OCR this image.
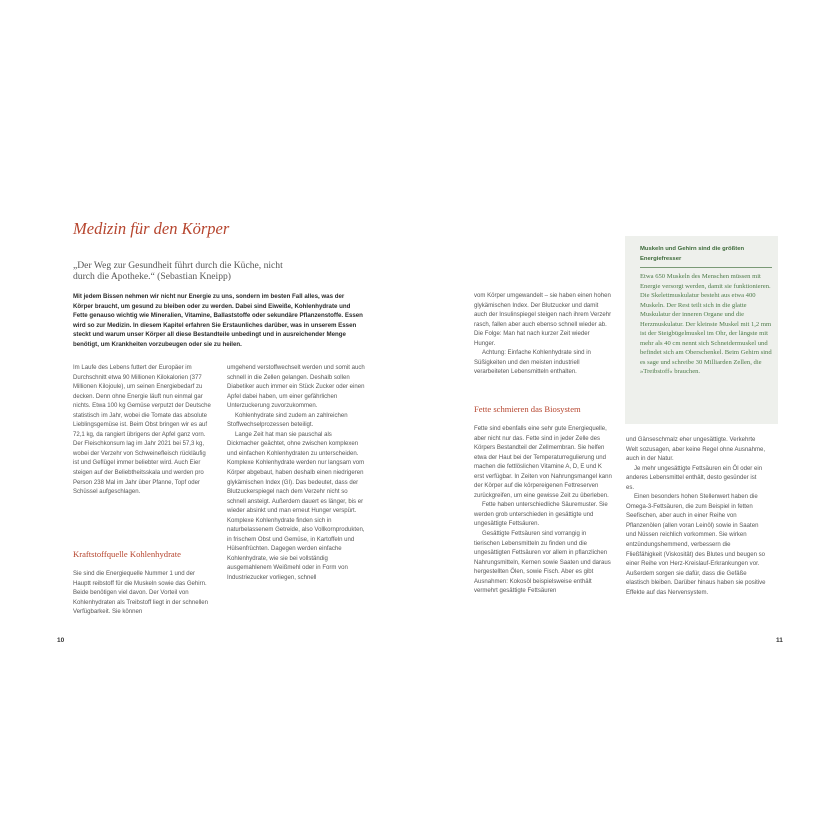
Medizin für den Körper
„Der Weg zur Gesundheit führt durch die Küche, nicht durch die Apotheke.“ (Sebastian Kneipp)
Mit jedem Bissen nehmen wir nicht nur Energie zu uns, sondern im besten Fall alles, was der Körper braucht, um gesund zu bleiben oder zu werden. Dabei sind Eiweiße, Kohlenhydrate und Fette genauso wichtig wie Mineralien, Vitamine, Ballaststoffe oder sekundäre Pflanzenstoffe. Essen wird so zur Medizin. In diesem Kapitel erfahren Sie Erstaunliches darüber, was in unserem Essen steckt und warum unser Körper all diese Bestandteile unbedingt und in ausreichender Menge benötigt, um Krankheiten vorzubeugen oder sie zu heilen.

Im Laufe des Lebens futtert der Europäer im Durchschnitt etwa 90 Millionen Kilokalorien (377 Millionen Kilojoule), um seinen Energiebedarf zu decken. Denn ohne Energie läuft nun einmal gar nichts. Etwa 100 kg Gemüse verputzt der Deutsche statistisch im Jahr, wobei die Tomate das absolute Lieblingsgemüse ist. Beim Obst bringen wir es auf 72,1 kg, da rangiert übrigens der Apfel ganz vorn. Der Fleischkonsum lag im Jahr 2021 bei 57,3 kg, wobei der Verzehr von Schweinefleisch rückläufig ist und Geflügel immer beliebter wird. Auch Eier steigen auf der Beliebtheitsskala und werden pro Person 238 Mal im Jahr über Pfanne, Topf oder Schüssel aufgeschlagen.

Kraftstoffquelle Kohlenhydrate

Sie sind die Energiequelle Nummer 1 und der Hauptt reibstoff für die Muskeln sowie das Gehirn. Beide benötigen viel davon. Der Vorteil von Kohlenhydraten als Treibstoff liegt in der schnellen Verfügbarkeit. Sie können

umgehend verstoffwechselt werden und somit auch schnell in die Zellen gelangen. Deshalb sollen Diabetiker auch immer ein Stück Zucker oder einen Apfel dabei haben, um einer gefährlichen Unterzuckerung zuvorzukommen.

Kohlenhydrate sind zudem an zahlreichen Stoffwechselprozessen beteiligt.

Lange Zeit hat man sie pauschal als Dickmacher geächtet, ohne zwischen komplexen und einfachen Kohlenhydraten zu unterscheiden. Komplexe Kohlenhydrate werden nur langsam vom Körper abgebaut, haben deshalb einen niedrigeren glykämischen Index (GI). Das bedeutet, dass der Blutzuckerspiegel nach dem Verzehr nicht so schnell ansteigt. Außerdem dauert es länger, bis er wieder absinkt und man erneut Hunger verspürt. Komplexe Kohlenhydrate finden sich in naturbelassenem Getreide, also Vollkornprodukten, in frischem Obst und Gemüse, in Kartoffeln und Hülsenfrüchten. Dagegen werden einfache Kohlenhydrate, wie sie bei vollständig ausgemahlenem Weißmehl oder in Form von Industriezucker vorliegen, schnell

10

vom Körper umgewandelt – sie haben einen hohen glykämischen Index. Der Blutzucker und damit auch der Insulinspiegel steigen nach ihrem Verzehr rasch, fallen aber auch ebenso schnell wieder ab. Die Folge: Man hat nach kurzer Zeit wieder Hunger.

Achtung: Einfache Kohlenhydrate sind in Süßigkeiten und den meisten industriell verarbeiteten Lebensmitteln enthalten.

Fette schmieren das Biosystem

Fette sind ebenfalls eine sehr gute Energiequelle, aber nicht nur das. Fette sind in jeder Zelle des Körpers Bestandteil der Zellmembran. Sie helfen etwa der Haut bei der Temperaturregulierung und machen die fettlöslichen Vitamine A, D, E und K erst verfügbar. In Zeiten von Nahrungsmangel kann der Körper auf die körpereigenen Fettreserven zurückgreifen, um eine gewisse Zeit zu überleben.

Fette haben unterschiedliche Säuremuster. Sie werden grob unterschieden in gesättigte und ungesättigte Fettsäuren.

Gesättigte Fettsäuren sind vorrangig in tierischen Lebensmitteln zu finden und die ungesättigten Fettsäuren vor allem in pflanzlichen Nahrungsmitteln, Kernen sowie Saaten und daraus hergestellten Ölen, sowie Fisch. Aber es gibt Ausnahmen: Kokosöl beispielsweise enthält vermehrt gesättigte Fettsäuren

Muskeln und Gehirn sind die größten Energiefresser
Etwa 650 Muskeln des Menschen müssen mit Energie versorgt werden, damit sie funktionieren. Die Skelettmuskulatur besteht aus etwa 400 Muskeln. Der Rest teilt sich in die glatte Muskulatur der inneren Organe und die Herzmuskulatur. Der kleinste Muskel mit 1,2 mm ist der Steigbügelmuskel im Ohr, der längste mit mehr als 40 cm nennt sich Schneidermuskel und befindet sich am Oberschenkel. Beim Gehirn sind es sage und schreibe 30 Milliarden Zellen, die »Treibstoff« brauchen.

und Gänseschmalz eher ungesättigte. Verkehrte Welt sozusagen, aber keine Regel ohne Ausnahme, auch in der Natur.

Je mehr ungesättigte Fettsäuren ein Öl oder ein anderes Lebensmittel enthält, desto gesünder ist es.

Einen besonders hohen Stellenwert haben die Omega-3-Fettsäuren, die zum Beispiel in fetten Seefischen, aber auch in einer Reihe von Pflanzenölen (allen voran Leinöl) sowie in Saaten und Nüssen reichlich vorkommen. Sie wirken entzündungshemmend, verbessern die Fließfähigkeit (Viskosität) des Blutes und beugen so einer Reihe von Herz-Kreislauf-Erkrankungen vor. Außerdem sorgen sie dafür, dass die Gefäße elastisch bleiben. Darüber hinaus haben sie positive Effekte auf das Nervensystem.

11
